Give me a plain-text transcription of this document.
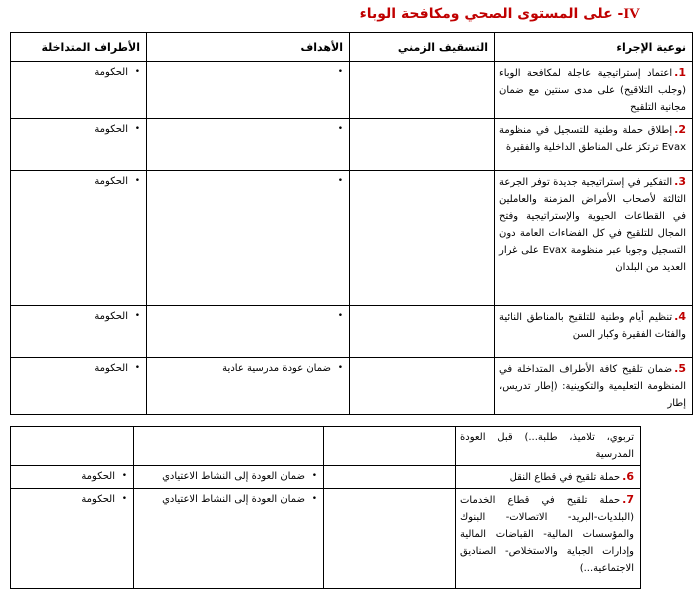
IV- على المستوى الصحي ومكافحة الوباء
نوعية الإجراء	التسقيف الزمني	الأهداف	الأطراف المتداخلة
1.اعتماد إستراتيجية عاجلة لمكافحة الوباء (وجلب التلاقيح) على مدى سنتين مع ضمان مجانية التلقيح		•	• الحكومة
2.إطلاق حملة وطنية للتسجيل في منظومة Evax ترتكز على المناطق الداخلية والفقيرة		•	• الحكومة
3.التفكير في إستراتيجية جديدة توفر الجرعة الثالثة لأصحاب الأمراض المزمنة والعاملين في القطاعات الحيوية والإستراتيجية وفتح المجال للتلقيح في كل الفضاءات العامة دون التسجيل وجوبا عبر منظومة Evax على غرار العديد من البلدان		•	• الحكومة
4.تنظيم أيام وطنية للتلقيح بالمناطق النائية والفئات الفقيرة وكبار السن		•	• الحكومة
5.ضمان تلقيح كافة الأطراف المتداخلة في المنظومة التعليمية والتكوينية: (إطار تدريس، إطار		• ضمان عودة مدرسية عادية	• الحكومة
تربوي، تلاميذ، طلبة...) قبل العودة المدرسية			
6.حملة تلقيح في قطاع النقل		• ضمان العودة إلى النشاط الاعتيادي	• الحكومة
7.حملة تلقيح في قطاع الخدمات (البلديات-البريد- الاتصالات- البنوك والمؤسسات المالية- القباضات المالية وإدارات الجباية والاستخلاص- الصناديق الاجتماعية...)		• ضمان العودة إلى النشاط الاعتيادي	• الحكومة
